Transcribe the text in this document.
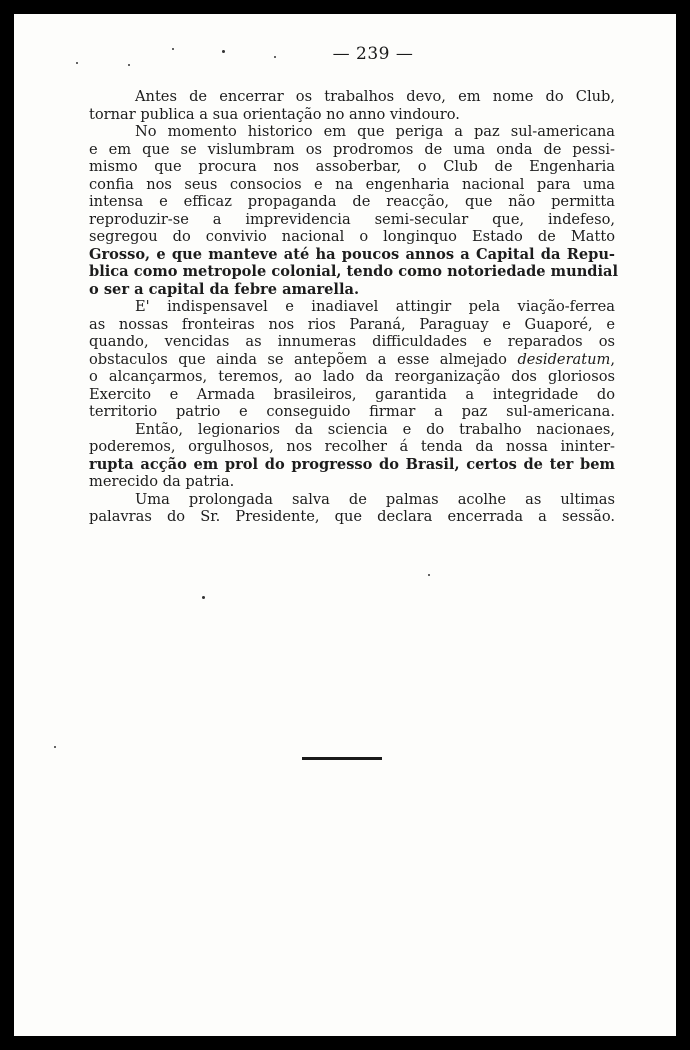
— 239 —
Antes de encerrar os trabalhos devo, em nome do Club,
tornar publica a sua orientação no anno vindouro.
No momento historico em que periga a paz sul-americana
e em que se vislumbram os prodromos de uma onda de pessi-
mismo que procura nos assoberbar, o Club de Engenharia
confia nos seus consocios e na engenharia nacional para uma
intensa e efficaz propaganda de reacção, que não permitta
reproduzir-se a imprevidencia semi-secular que, indefeso,
segregou do convivio nacional o longinquo Estado de Matto
Grosso, e que manteve até ha poucos annos a Capital da Repu-
blica como metropole colonial, tendo como notoriedade mundial
o ser a capital da febre amarella.
E' indispensavel e inadiavel attingir pela viação-ferrea
as nossas fronteiras nos rios Paraná, Paraguay e Guaporé, e
quando, vencidas as innumeras difficuldades e reparados os
obstaculos que ainda se antepõem a esse almejado desideratum,
o alcançarmos, teremos, ao lado da reorganização dos gloriosos
Exercito e Armada brasileiros, garantida a integridade do
territorio patrio e conseguido firmar a paz sul-americana.
Então, legionarios da sciencia e do trabalho nacionaes,
poderemos, orgulhosos, nos recolher á tenda da nossa ininter-
rupta acção em prol do progresso do Brasil, certos de ter bem
merecido da patria.
Uma prolongada salva de palmas acolhe as ultimas
palavras do Sr. Presidente, que declara encerrada a sessão.
